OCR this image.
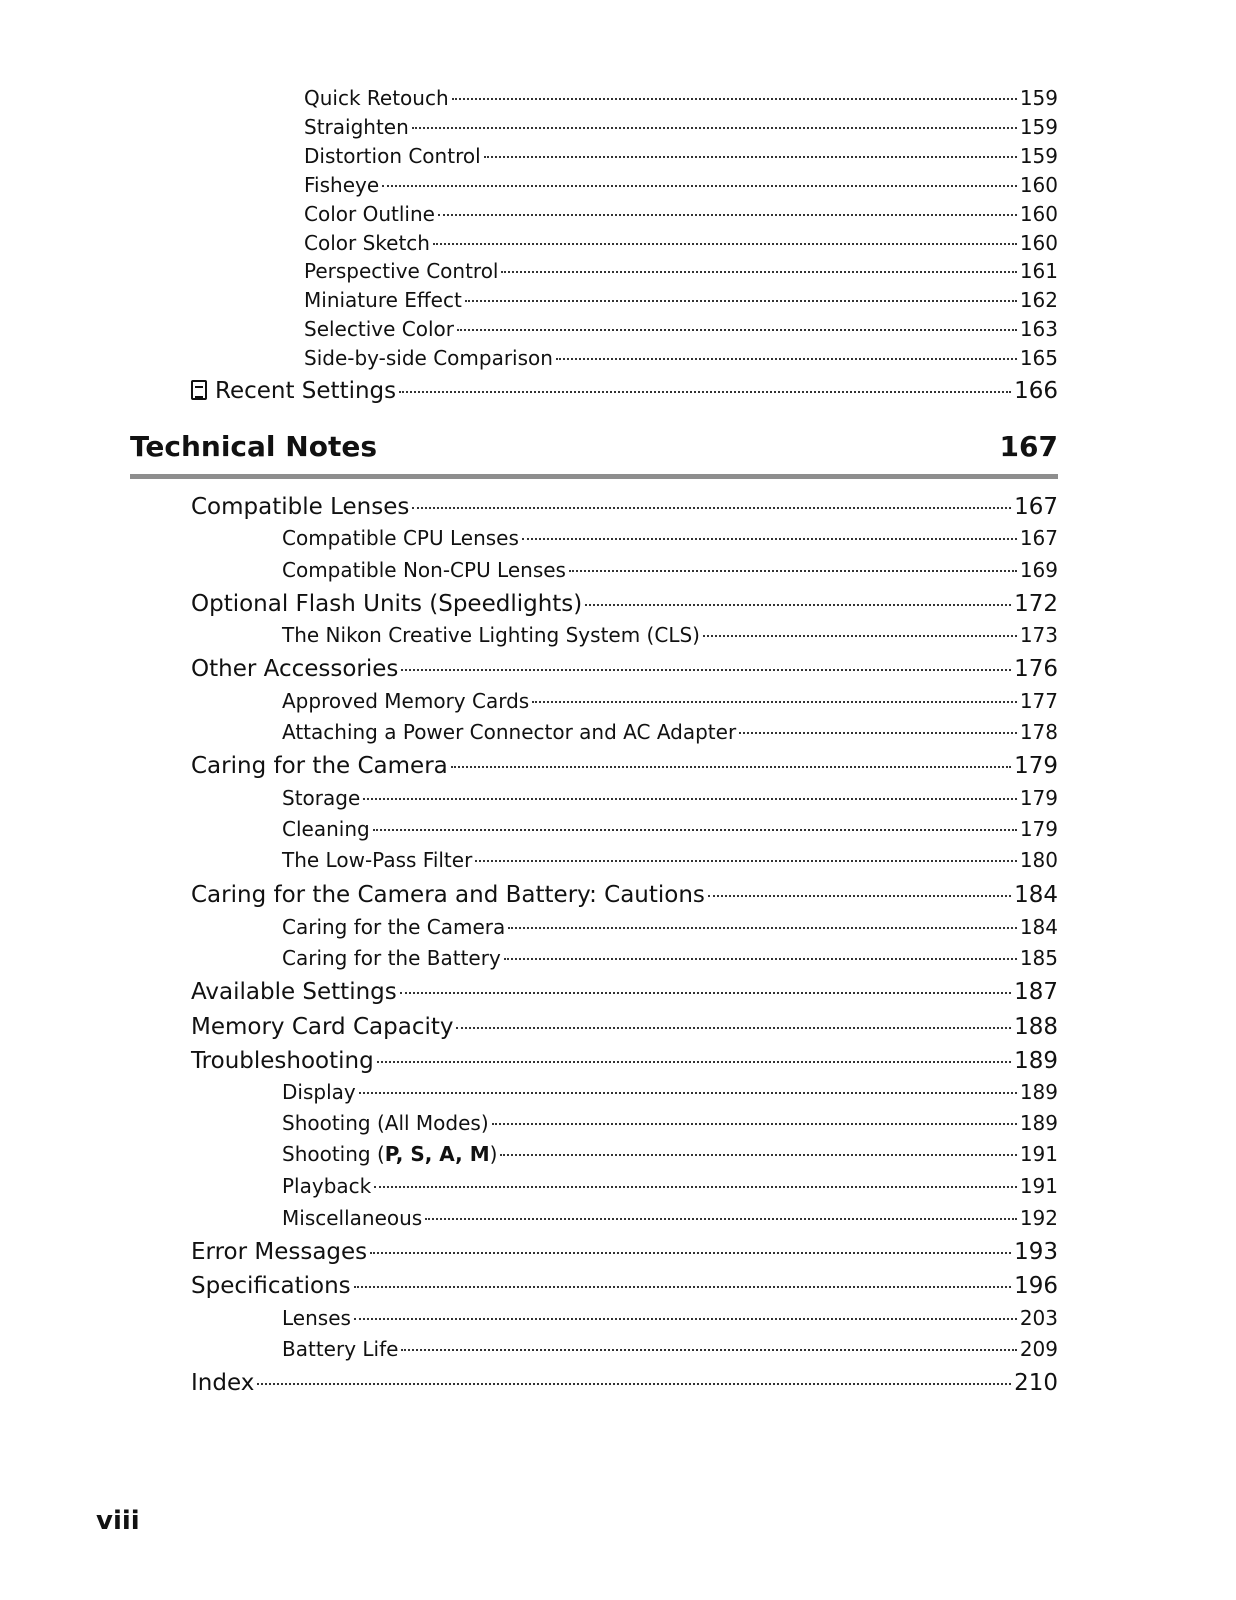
Quick Retouch	159
Straighten	159
Distortion Control	159
Fisheye	160
Color Outline	160
Color Sketch	160
Perspective Control	161
Miniature Effect	162
Selective Color	163
Side-by-side Comparison	165
Recent Settings	166
Technical Notes	167
Compatible Lenses	167
Compatible CPU Lenses	167
Compatible Non-CPU Lenses	169
Optional Flash Units (Speedlights)	172
The Nikon Creative Lighting System (CLS)	173
Other Accessories	176
Approved Memory Cards	177
Attaching a Power Connector and AC Adapter	178
Caring for the Camera	179
Storage	179
Cleaning	179
The Low-Pass Filter	180
Caring for the Camera and Battery: Cautions	184
Caring for the Camera	184
Caring for the Battery	185
Available Settings	187
Memory Card Capacity	188
Troubleshooting	189
Display	189
Shooting (All Modes)	189
Shooting (P, S, A, M)	191
Playback	191
Miscellaneous	192
Error Messages	193
Specifications	196
Lenses	203
Battery Life	209
Index	210
viii
